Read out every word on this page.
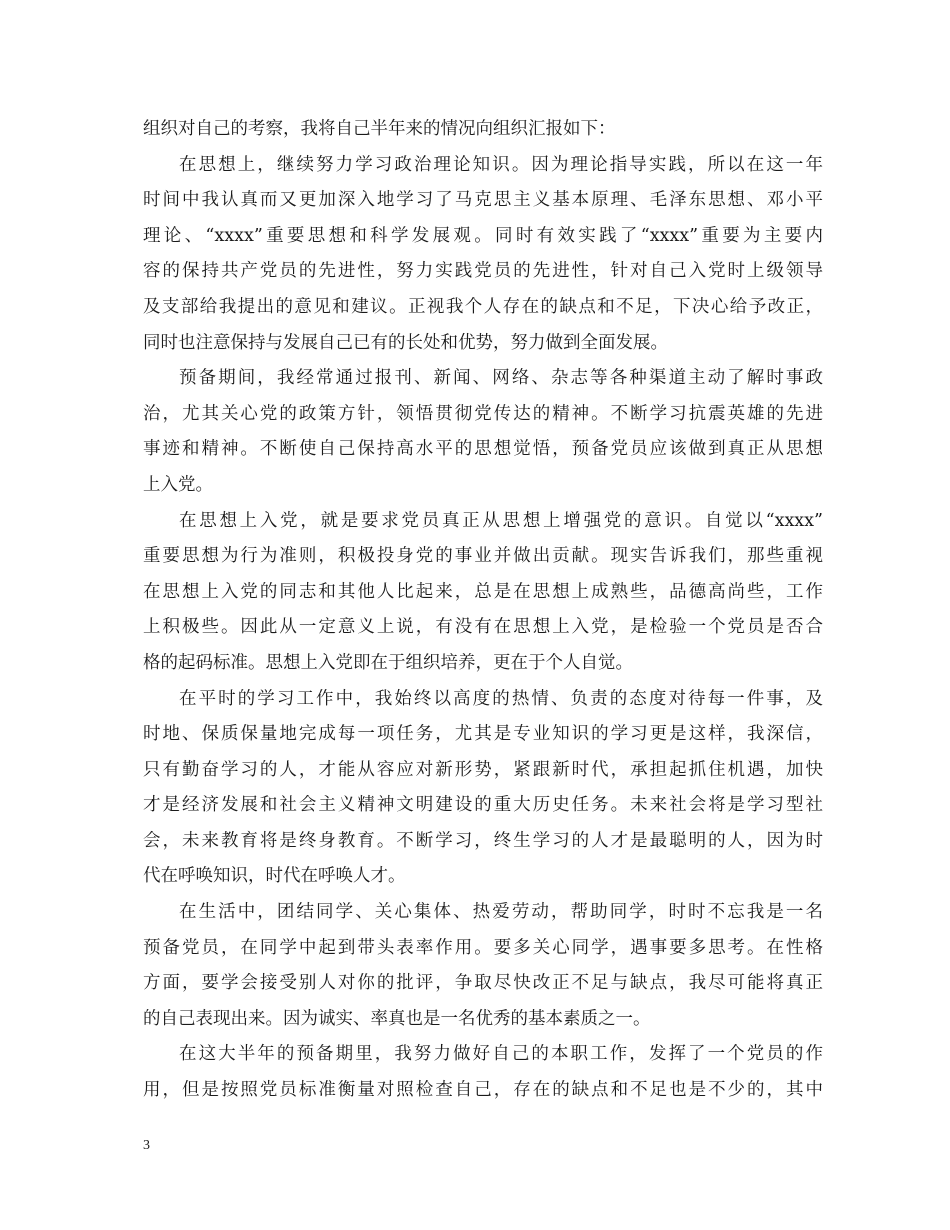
组织对自己的考察，我将自己半年来的情况向组织汇报如下：
在思想上，继续努力学习政治理论知识。因为理论指导实践，所以在这一年
时间中我认真而又更加深入地学习了马克思主义基本原理、毛泽东思想、邓小平
理论、“xxxx”重要思想和科学发展观。同时有效实践了“xxxx”重要为主要内
容的保持共产党员的先进性，努力实践党员的先进性，针对自己入党时上级领导
及支部给我提出的意见和建议。正视我个人存在的缺点和不足，下决心给予改正，
同时也注意保持与发展自己已有的长处和优势，努力做到全面发展。
预备期间，我经常通过报刊、新闻、网络、杂志等各种渠道主动了解时事政
治，尤其关心党的政策方针，领悟贯彻党传达的精神。不断学习抗震英雄的先进
事迹和精神。不断使自己保持高水平的思想觉悟，预备党员应该做到真正从思想
上入党。
在思想上入党，就是要求党员真正从思想上增强党的意识。自觉以“xxxx”
重要思想为行为准则，积极投身党的事业并做出贡献。现实告诉我们，那些重视
在思想上入党的同志和其他人比起来，总是在思想上成熟些，品德高尚些，工作
上积极些。因此从一定意义上说，有没有在思想上入党，是检验一个党员是否合
格的起码标准。思想上入党即在于组织培养，更在于个人自觉。
在平时的学习工作中，我始终以高度的热情、负责的态度对待每一件事，及
时地、保质保量地完成每一项任务，尤其是专业知识的学习更是这样，我深信，
只有勤奋学习的人，才能从容应对新形势，紧跟新时代，承担起抓住机遇，加快
才是经济发展和社会主义精神文明建设的重大历史任务。未来社会将是学习型社
会，未来教育将是终身教育。不断学习，终生学习的人才是最聪明的人，因为时
代在呼唤知识，时代在呼唤人才。
在生活中，团结同学、关心集体、热爱劳动，帮助同学，时时不忘我是一名
预备党员，在同学中起到带头表率作用。要多关心同学，遇事要多思考。在性格
方面，要学会接受别人对你的批评，争取尽快改正不足与缺点，我尽可能将真正
的自己表现出来。因为诚实、率真也是一名优秀的基本素质之一。
在这大半年的预备期里，我努力做好自己的本职工作，发挥了一个党员的作
用，但是按照党员标准衡量对照检查自己，存在的缺点和不足也是不少的，其中
3
